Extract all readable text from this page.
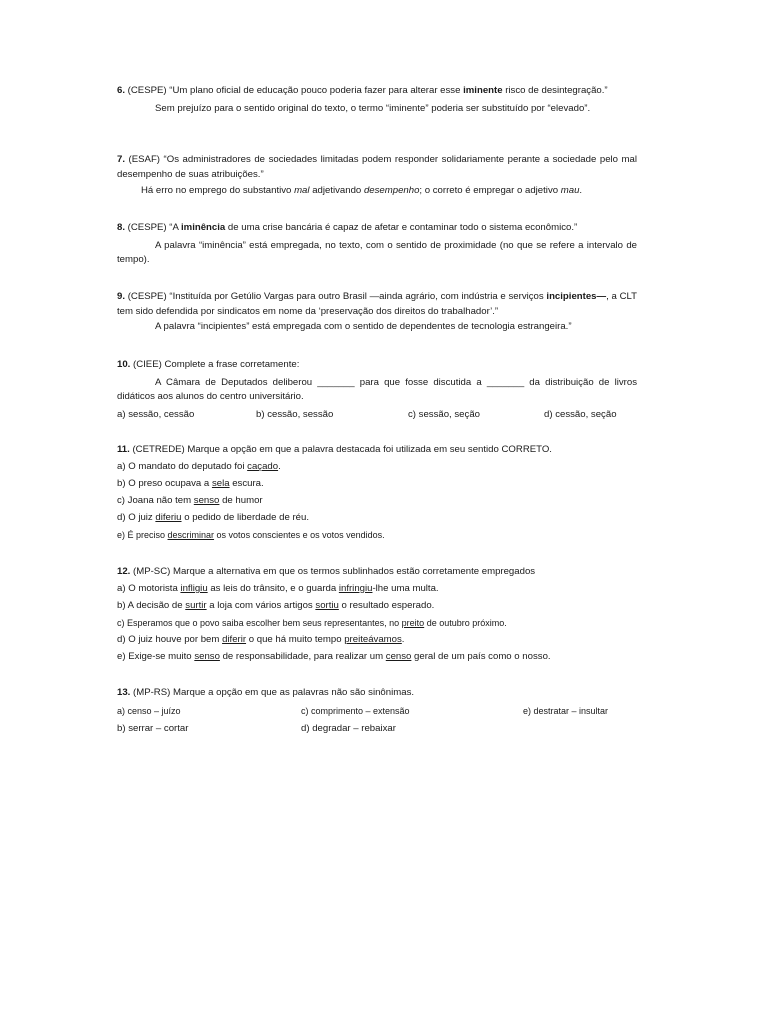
6. (CESPE) “Um plano oficial de educação pouco poderia fazer para alterar esse iminente risco de desintegração.”

Sem prejuízo para o sentido original do texto, o termo “iminente” poderia ser substituído por “elevado”.

7. (ESAF) “Os administradores de sociedades limitadas podem responder solidariamente perante a sociedade pelo mal desempenho de suas atribuições.”

Há erro no emprego do substantivo mal adjetivando desempenho; o correto é empregar o adjetivo mau.

8. (CESPE) “A iminência de uma crise bancária é capaz de afetar e contaminar todo o sistema econômico.”

A palavra “iminência” está empregada, no texto, com o sentido de proximidade (no que se refere a intervalo de tempo).

9. (CESPE) “Instituída por Getúlio Vargas para outro Brasil —ainda agrário, com indústria e serviços incipientes—, a CLT tem sido defendida por sindicatos em nome da ‘preservação dos direitos do trabalhador’.”

A palavra “incipientes” está empregada com o sentido de dependentes de tecnologia estrangeira.”

10. (CIEE) Complete a frase corretamente:

A Câmara de Deputados deliberou _______ para que fosse discutida a _______ da distribuição de livros didáticos aos alunos do centro universitário.

a) sessão, cessão	b) cessão, sessão	c) sessão, seção	d) cessão, seção

11. (CETREDE) Marque a opção em que a palavra destacada foi utilizada em seu sentido CORRETO.

a) O mandato do deputado foi caçado.

b) O preso ocupava a sela escura.

c) Joana não tem senso de humor

d) O juiz diferiu o pedido de liberdade de réu.

e) É preciso descriminar os votos conscientes e os votos vendidos.

12. (MP-SC) Marque a alternativa em que os termos sublinhados estão corretamente empregados

a) O motorista infligiu as leis do trânsito, e o guarda infringiu-lhe uma multa.

b) A decisão de surtir a loja com vários artigos sortiu o resultado esperado.

c) Esperamos que o povo saiba escolher bem seus representantes, no preito de outubro próximo.

d) O juiz houve por bem diferir o que há muito tempo preiteávamos.

e) Exige-se muito senso de responsabilidade, para realizar um censo geral de um país como o nosso.

13. (MP-RS) Marque a opção em que as palavras não são sinônimas.

a) censo – juízo	c) comprimento – extensão	e) destratar – insultar
b) serrar – cortar	d) degradar – rebaixar
